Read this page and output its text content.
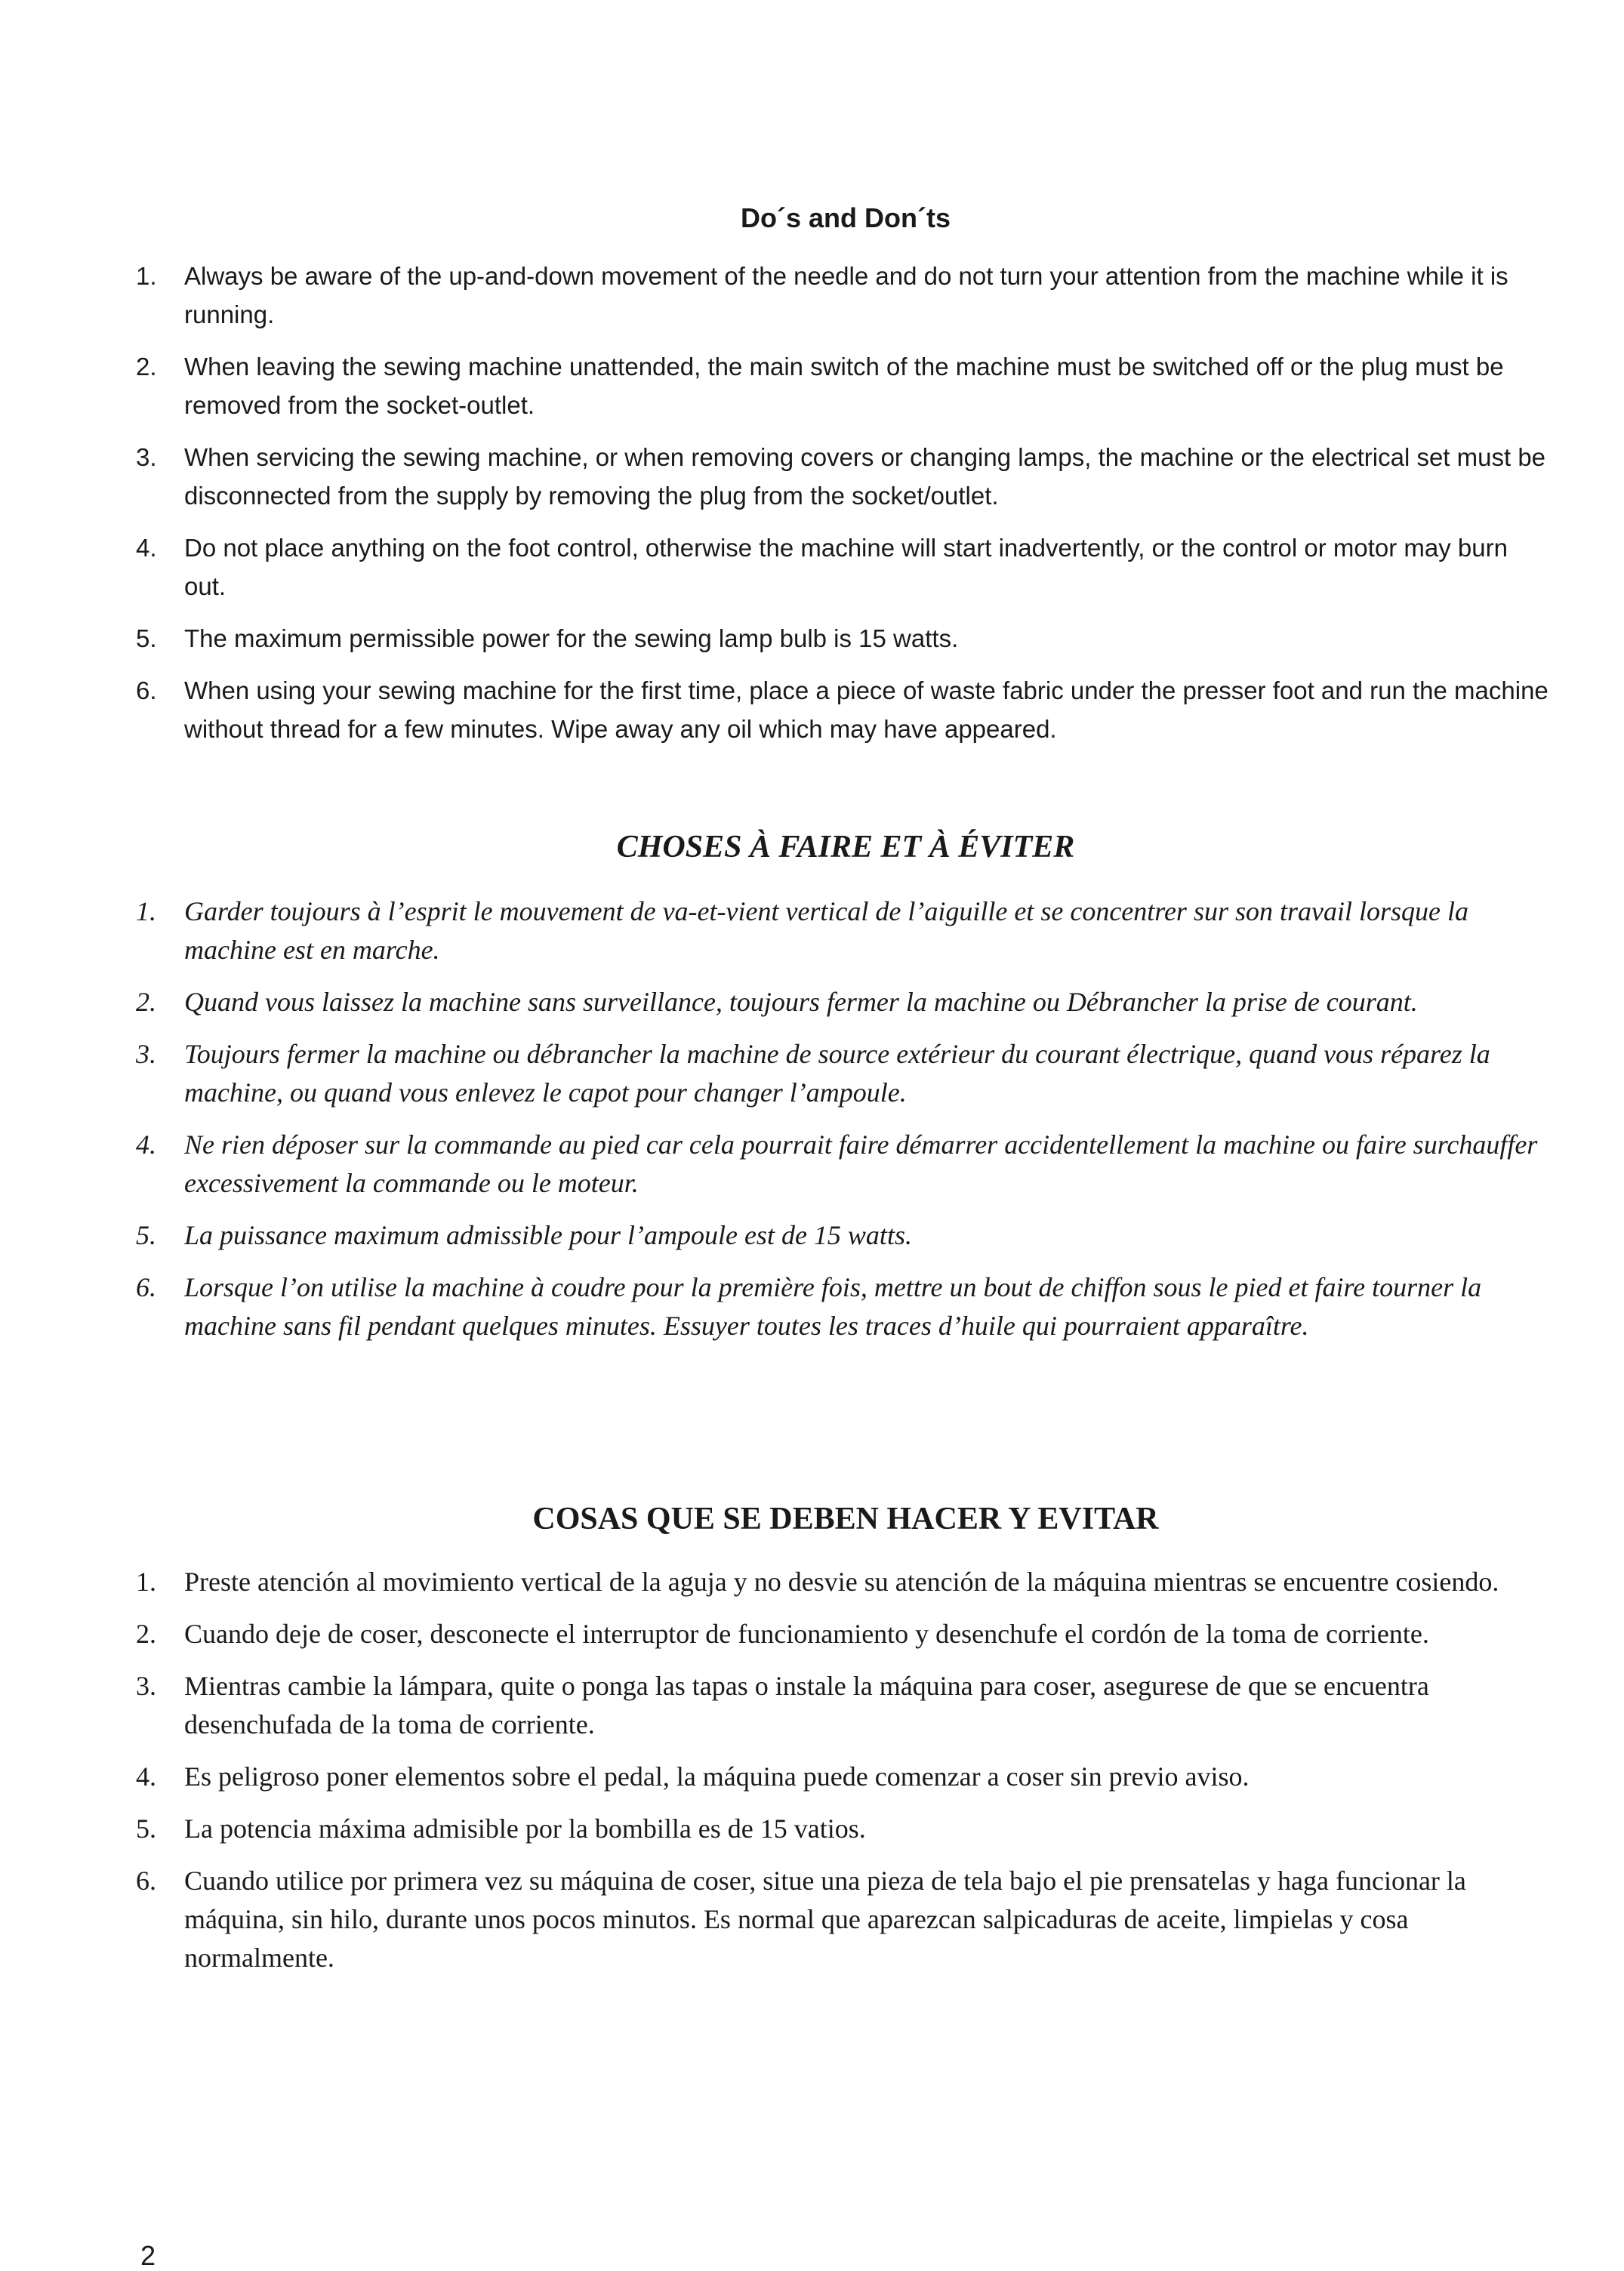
Do´s and Don´ts
1.	Always be aware of the up-and-down movement of the needle and do not turn your attention from the machine while it is running.
2.	When leaving the sewing machine unattended, the main switch of the machine must be switched off or the plug must be removed from the socket-outlet.
3.	When servicing the sewing machine, or when removing covers or changing lamps, the machine or the electrical set must be disconnected from the supply by removing the plug from the socket/outlet.
4.	Do not place anything on the foot control, otherwise the machine will start inadvertently, or the control or motor may burn out.
5.	The maximum permissible power for the sewing lamp bulb is 15 watts.
6.	When using your sewing machine for the first time, place a piece of waste fabric under the presser foot and run the machine without thread for a few minutes. Wipe away any oil which may have appeared.
CHOSES À FAIRE ET À ÉVITER
1.	Garder toujours à l’esprit le mouvement de va-et-vient vertical de l’aiguille et se concentrer sur son travail lorsque la machine est en marche.
2.	Quand vous laissez la machine sans surveillance, toujours fermer la machine ou Débrancher la prise de courant.
3.	Toujours fermer la machine ou débrancher la machine de source extérieur du courant électrique, quand vous réparez la machine, ou quand vous enlevez le capot pour changer l’ampoule.
4.	Ne rien déposer sur la commande au pied car cela pourrait faire démarrer accidentellement la machine ou faire surchauffer excessivement la commande ou le moteur.
5.	La puissance maximum admissible pour l’ampoule est de 15 watts.
6.	Lorsque l’on utilise la machine à coudre pour la première fois, mettre un bout de chiffon sous le pied et faire tourner la machine sans fil pendant quelques minutes. Essuyer toutes les traces d’huile qui pourraient apparaître.
COSAS QUE SE DEBEN HACER Y EVITAR
1.	Preste atención al movimiento vertical de la aguja y no desvie su atención de la máquina mientras se encuentre cosiendo.
2.	Cuando deje de coser, desconecte el interruptor de funcionamiento y desenchufe el cordón de la toma de corriente.
3.	Mientras cambie la lámpara, quite o ponga las tapas o instale la máquina para coser, asegurese de que se encuentra desenchufada de la toma de corriente.
4.	Es peligroso poner elementos sobre el pedal, la máquina puede comenzar a coser sin previo aviso.
5.	La potencia máxima admisible por la bombilla es de 15 vatios.
6.	Cuando utilice por primera vez su máquina de coser, situe una pieza de tela bajo el pie prensatelas y haga funcionar la máquina, sin hilo, durante unos pocos minutos. Es normal que aparezcan salpicaduras de aceite, limpielas y cosa normalmente.
2
